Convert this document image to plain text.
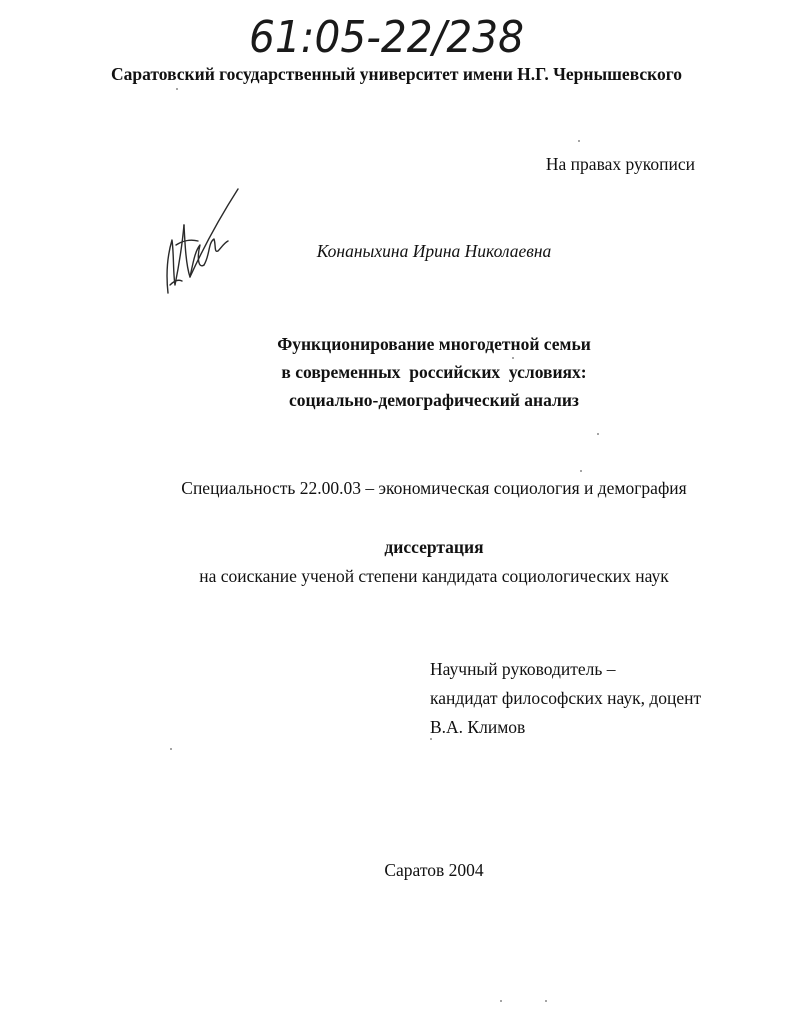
61:05-22/238
Саратовский государственный университет имени Н.Г. Чернышевского
На правах рукописи
Конаныхина Ирина Николаевна
Функционирование многодетной семьи
в современных  российских  условиях:
социально-демографический анализ
Специальность 22.00.03 – экономическая социология и демография
диссертация
на соискание ученой степени кандидата социологических наук
Научный руководитель –
кандидат философских наук, доцент
В.А. Климов
Саратов 2004
